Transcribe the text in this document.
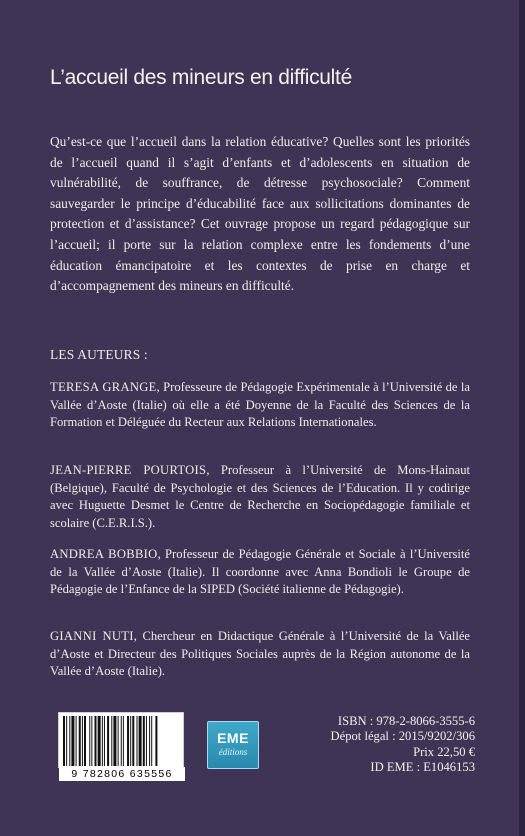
L’accueil des mineurs en difficulté
Qu’est-ce que l’accueil dans la relation éducative? Quelles sont les priorités de l’accueil quand il s’agit d’enfants et d’adolescents en situation de vulnérabilité, de souffrance, de détresse psychosociale? Comment sauvegarder le principe d’éducabilité face aux sollicitations dominantes de protection et d’assistance? Cet ouvrage propose un regard pédagogique sur l’accueil; il porte sur la relation complexe entre les fondements d’une éducation émancipatoire et les contextes de prise en charge et d’accompagnement des mineurs en difficulté.
LES AUTEURS :
TERESA GRANGE, Professeure de Pédagogie Expérimentale à l’Université de la Vallée d’Aoste (Italie) où elle a été Doyenne de la Faculté des Sciences de la Formation et Déléguée du Recteur aux Relations Internationales.
JEAN-PIERRE POURTOIS, Professeur à l’Université de Mons-Hainaut (Belgique), Faculté de Psychologie et des Sciences de l’Education. Il y codirige avec Huguette Desmet le Centre de Recherche en Sociopédagogie familiale et scolaire (C.E.R.I.S.).
ANDREA BOBBIO, Professeur de Pédagogie Générale et Sociale à l’Université de la Vallée d’Aoste (Italie). Il coordonne avec Anna Bondioli le Groupe de Pédagogie de l’Enfance de la SIPED (Société italienne de Pédagogie).
GIANNI NUTI, Chercheur en Didactique Générale à l’Université de la Vallée d’Aoste et Directeur des Politiques Sociales auprès de la Région autonome de la Vallée d’Aoste (Italie).
9 782806 635556
EME
éditions
ISBN : 978-2-8066-3555-6
Dépot légal : 2015/9202/306
Prix 22,50 €
ID EME : E1046153
